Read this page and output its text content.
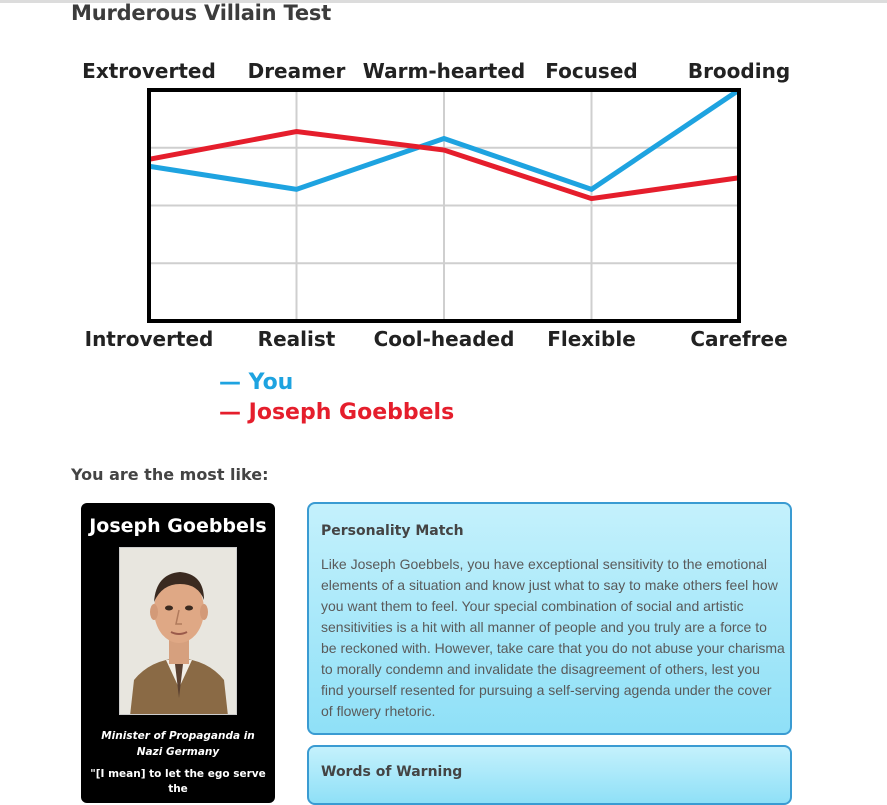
Murderous Villain Test
Extroverted Dreamer Warm-hearted Focused	Brooding
Introverted Realist Cool-headed Flexible	Carefree
— You
— Joseph Goebbels
You are the most like:
Joseph Goebbels
Minister of Propaganda in Nazi Germany
"[I mean] to let the ego serve the
Personality Match
Like Joseph Goebbels, you have exceptional sensitivity to the emotional elements of a situation and know just what to say to make others feel how you want them to feel. Your special combination of social and artistic sensitivities is a hit with all manner of people and you truly are a force to be reckoned with. However, take care that you do not abuse your charisma to morally condemn and invalidate the disagreement of others, lest you find yourself resented for pursuing a self-serving agenda under the cover of flowery rhetoric.
Words of Warning
